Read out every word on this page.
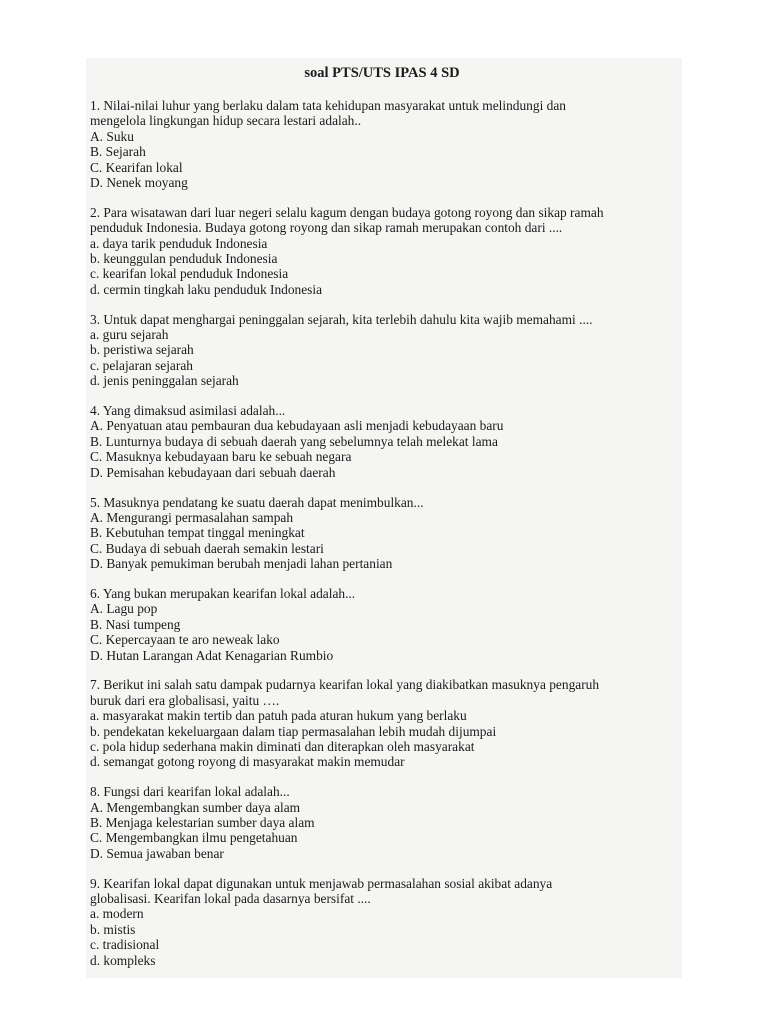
soal PTS/UTS IPAS 4 SD
1. Nilai-nilai luhur yang berlaku dalam tata kehidupan masyarakat untuk melindungi dan
mengelola lingkungan hidup secara lestari adalah..
A. Suku
B. Sejarah
C. Kearifan lokal
D. Nenek moyang
2. Para wisatawan dari luar negeri selalu kagum dengan budaya gotong royong dan sikap ramah
penduduk Indonesia. Budaya gotong royong dan sikap ramah merupakan contoh dari ....
a. daya tarik penduduk Indonesia
b. keunggulan penduduk Indonesia
c. kearifan lokal penduduk Indonesia
d. cermin tingkah laku penduduk Indonesia
3. Untuk dapat menghargai peninggalan sejarah, kita terlebih dahulu kita wajib memahami ....
a. guru sejarah
b. peristiwa sejarah
c. pelajaran sejarah
d. jenis peninggalan sejarah
4. Yang dimaksud asimilasi adalah...
A. Penyatuan atau pembauran dua kebudayaan asli menjadi kebudayaan baru
B. Lunturnya budaya di sebuah daerah yang sebelumnya telah melekat lama
C. Masuknya kebudayaan baru ke sebuah negara
D. Pemisahan kebudayaan dari sebuah daerah
5. Masuknya pendatang ke suatu daerah dapat menimbulkan...
A. Mengurangi permasalahan sampah
B. Kebutuhan tempat tinggal meningkat
C. Budaya di sebuah daerah semakin lestari
D. Banyak pemukiman berubah menjadi lahan pertanian
6. Yang bukan merupakan kearifan lokal adalah...
A. Lagu pop
B. Nasi tumpeng
C. Kepercayaan te aro neweak lako
D. Hutan Larangan Adat Kenagarian Rumbio
7. Berikut ini salah satu dampak pudarnya kearifan lokal yang diakibatkan masuknya pengaruh
buruk dari era globalisasi, yaitu ….
a. masyarakat makin tertib dan patuh pada aturan hukum yang berlaku
b. pendekatan kekeluargaan dalam tiap permasalahan lebih mudah dijumpai
c. pola hidup sederhana makin diminati dan diterapkan oleh masyarakat
d. semangat gotong royong di masyarakat makin memudar
8. Fungsi dari kearifan lokal adalah...
A. Mengembangkan sumber daya alam
B. Menjaga kelestarian sumber daya alam
C. Mengembangkan ilmu pengetahuan
D. Semua jawaban benar
9. Kearifan lokal dapat digunakan untuk menjawab permasalahan sosial akibat adanya
globalisasi. Kearifan lokal pada dasarnya bersifat ....
a. modern
b. mistis
c. tradisional
d. kompleks
